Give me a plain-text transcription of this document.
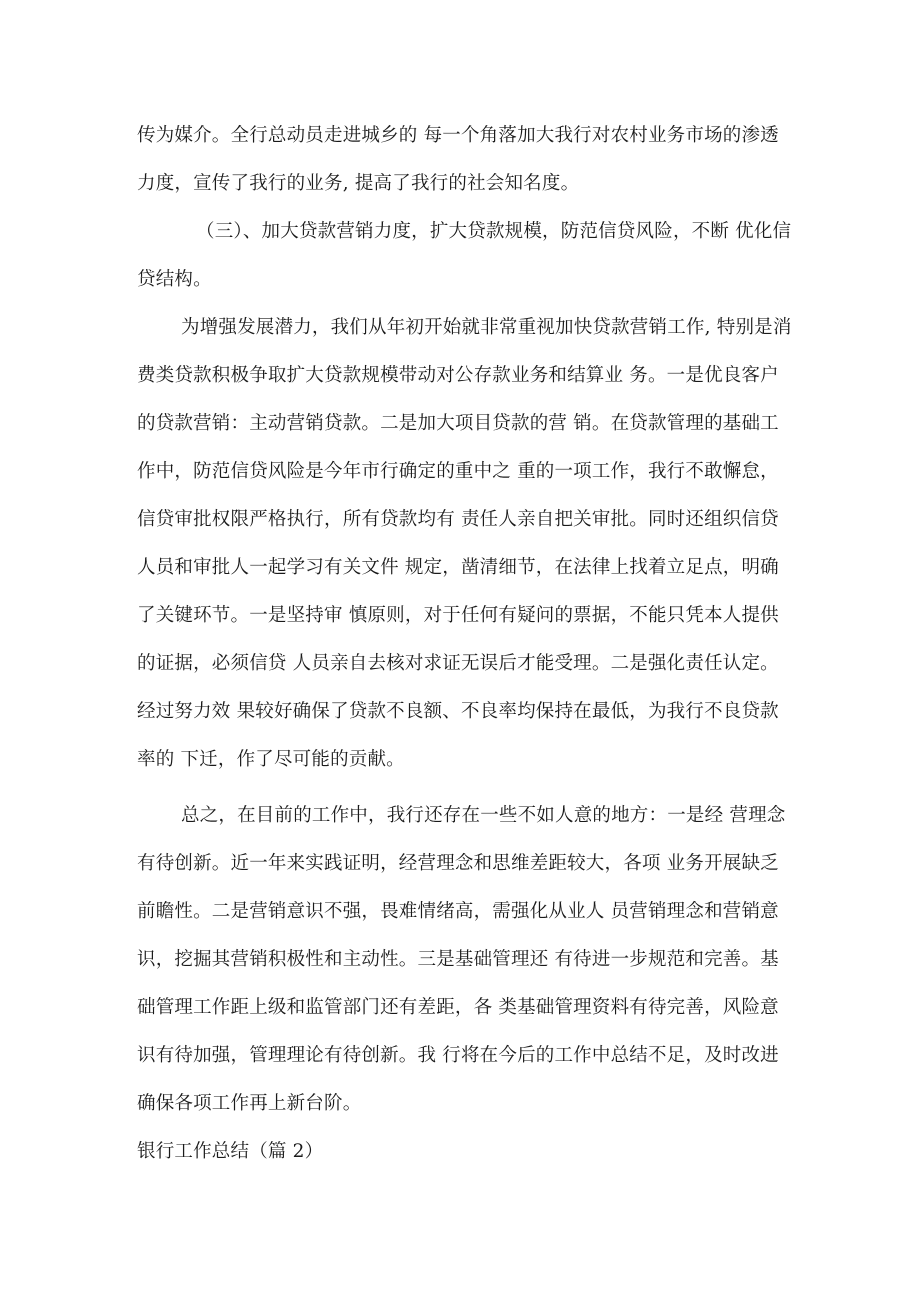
传为媒介。全行总动员走进城乡的 每一个角落加大我行对农村业务市场的渗透
力度，宣传了我行的业务, 提高了我行的社会知名度。
（三）、加大贷款营销力度，扩大贷款规模，防范信贷风险，不断 优化信
贷结构。
为增强发展潜力，我们从年初开始就非常重视加快贷款营销工作, 特别是消
费类贷款积极争取扩大贷款规模带动对公存款业务和结算业 务。一是优良客户
的贷款营销：主动营销贷款。二是加大项目贷款的营 销。在贷款管理的基础工
作中，防范信贷风险是今年市行确定的重中之 重的一项工作，我行不敢懈怠，
信贷审批权限严格执行，所有贷款均有 责任人亲自把关审批。同时还组织信贷
人员和审批人一起学习有关文件 规定，凿清细节，在法律上找着立足点，明确
了关键环节。一是坚持审 慎原则，对于任何有疑问的票据，不能只凭本人提供
的证据，必须信贷 人员亲自去核对求证无误后才能受理。二是强化责任认定。
经过努力效 果较好确保了贷款不良额、不良率均保持在最低，为我行不良贷款
率的 下迁，作了尽可能的贡献。
总之，在目前的工作中，我行还存在一些不如人意的地方：一是经 营理念
有待创新。近一年来实践证明，经营理念和思维差距较大，各项 业务开展缺乏
前瞻性。二是营销意识不强，畏难情绪高，需强化从业人 员营销理念和营销意
识，挖掘其营销积极性和主动性。三是基础管理还 有待进一步规范和完善。基
础管理工作距上级和监管部门还有差距，各 类基础管理资料有待完善，风险意
识有待加强，管理理论有待创新。我 行将在今后的工作中总结不足，及时改进
确保各项工作再上新台阶。
银行工作总结（篇 2）
